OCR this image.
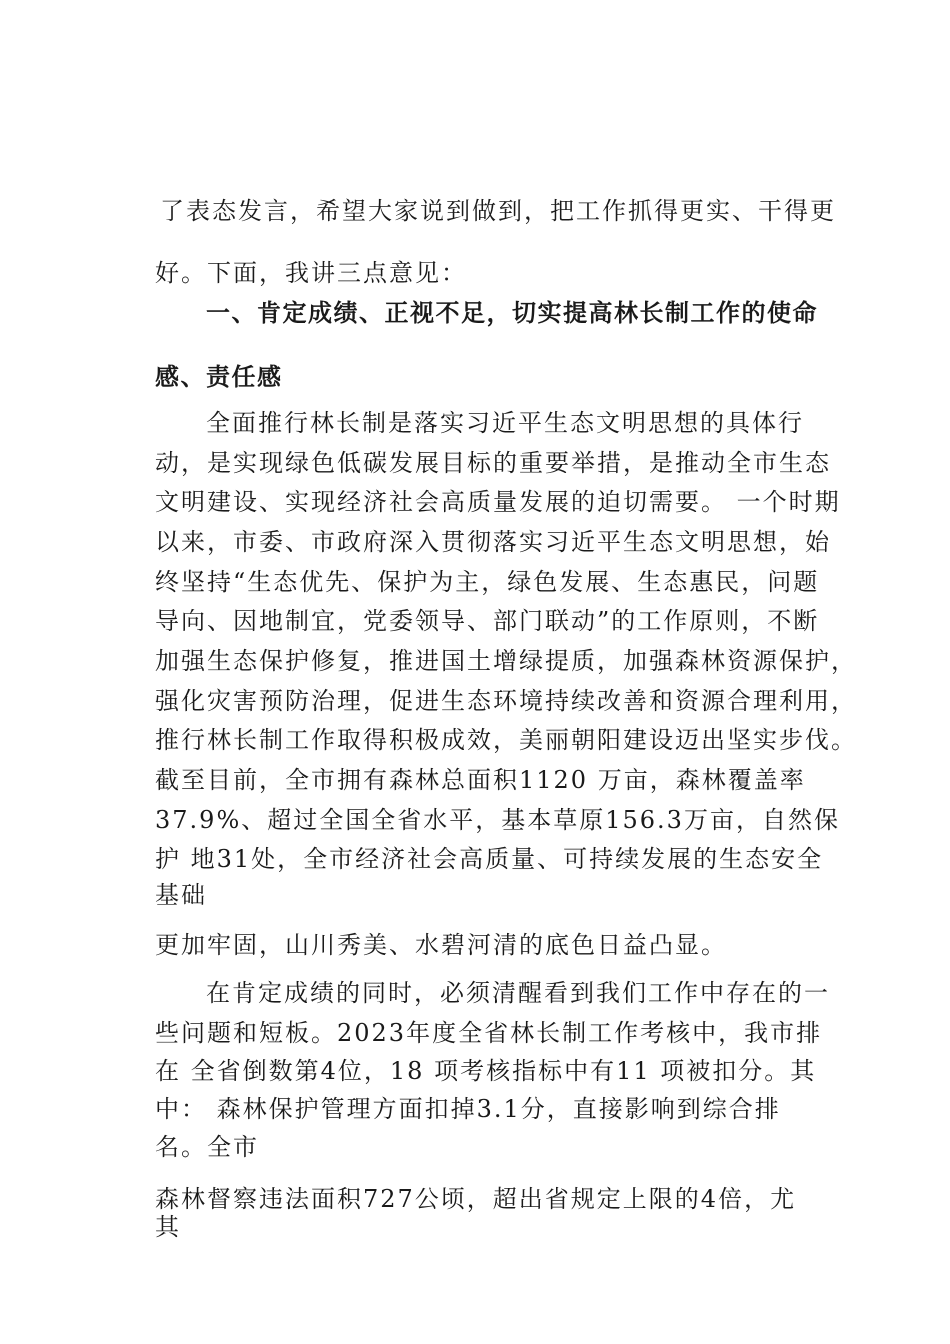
了表态发言，希望大家说到做到，把工作抓得更实、干得更

好。下面，我讲三点意见：

一、肯定成绩、正视不足，切实提高林长制工作的使命

感、责任感

全面推行林长制是落实习近平生态文明思想的具体行

动，是实现绿色低碳发展目标的重要举措，是推动全市生态

文明建设、实现经济社会高质量发展的迫切需要。 一个时期

以来，市委、市政府深入贯彻落实习近平生态文明思想，始

终坚持“生态优先、保护为主，绿色发展、生态惠民，问题

导向、因地制宜，党委领导、部门联动”的工作原则，不断

加强生态保护修复，推进国土增绿提质，加强森林资源保护，

强化灾害预防治理，促进生态环境持续改善和资源合理利用，

推行林长制工作取得积极成效，美丽朝阳建设迈出坚实步伐。

截至目前，全市拥有森林总面积1120 万亩，森林覆盖率

37.9%、超过全国全省水平，基本草原156.3万亩，自然保

护 地31处，全市经济社会高质量、可持续发展的生态安全

基础

更加牢固，山川秀美、水碧河清的底色日益凸显。

在肯定成绩的同时，必须清醒看到我们工作中存在的一

些问题和短板。2023年度全省林长制工作考核中，我市排

在 全省倒数第4位，18 项考核指标中有11 项被扣分。其

中： 森林保护管理方面扣掉3.1分，直接影响到综合排

名。全市

森林督察违法面积727公顷，超出省规定上限的4倍，尤

其
